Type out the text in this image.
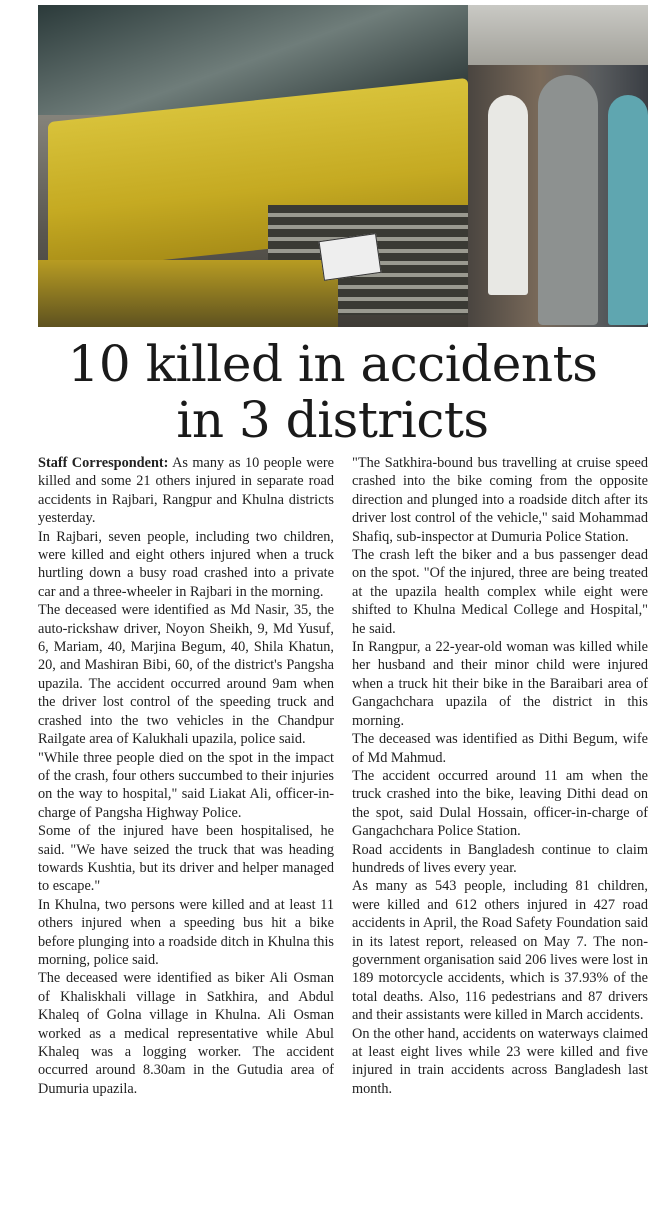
10 killed in accidents
in 3 districts

Staff Correspondent: As many as 10 people were killed and some 21 others injured in separate road accidents in Rajbari, Rangpur and Khulna districts yesterday.

In Rajbari, seven people, including two children, were killed and eight others injured when a truck hurtling down a busy road crashed into a private car and a three-wheeler in Rajbari in the morning.

The deceased were identified as Md Nasir, 35, the auto-rickshaw driver, Noyon Sheikh, 9, Md Yusuf, 6, Mariam, 40, Marjina Begum, 40, Shila Khatun, 20, and Mashiran Bibi, 60, of the district's Pangsha upazila. The accident occurred around 9am when the driver lost control of the speeding truck and crashed into the two vehicles in the Chandpur Railgate area of Kalukhali upazila, police said.

"While three people died on the spot in the impact of the crash, four others succumbed to their injuries on the way to hospital," said Liakat Ali, officer-in-charge of Pangsha Highway Police.

Some of the injured have been hospitalised, he said. "We have seized the truck that was heading towards Kushtia, but its driver and helper managed to escape."

In Khulna, two persons were killed and at least 11 others injured when a speeding bus hit a bike before plunging into a roadside ditch in Khulna this morning, police said.

The deceased were identified as biker Ali Osman of Khaliskhali village in Satkhira, and Abdul Khaleq of Golna village in Khulna. Ali Osman worked as a medical representative while Abul Khaleq was a logging worker. The accident occurred around 8.30am in the Gutudia area of Dumuria upazila.

"The Satkhira-bound bus travelling at cruise speed crashed into the bike coming from the opposite direction and plunged into a roadside ditch after its driver lost control of the vehicle," said Mohammad Shafiq, sub-inspector at Dumuria Police Station.

The crash left the biker and a bus passenger dead on the spot. "Of the injured, three are being treated at the upazila health complex while eight were shifted to Khulna Medical College and Hospital," he said.

In Rangpur, a 22-year-old woman was killed while her husband and their minor child were injured when a truck hit their bike in the Baraibari area of Gangachchara upazila of the district in this morning.

The deceased was identified as Dithi Begum, wife of Md Mahmud.

The accident occurred around 11 am when the truck crashed into the bike, leaving Dithi dead on the spot, said Dulal Hossain, officer-in-charge of Gangachchara Police Station.

Road accidents in Bangladesh continue to claim hundreds of lives every year.

As many as 543 people, including 81 children, were killed and 612 others injured in 427 road accidents in April, the Road Safety Foundation said in its latest report, released on May 7. The non-government organisation said 206 lives were lost in 189 motorcycle accidents, which is 37.93% of the total deaths. Also, 116 pedestrians and 87 drivers and their assistants were killed in March accidents.

On the other hand, accidents on waterways claimed at least eight lives while 23 were killed and five injured in train accidents across Bangladesh last month.
